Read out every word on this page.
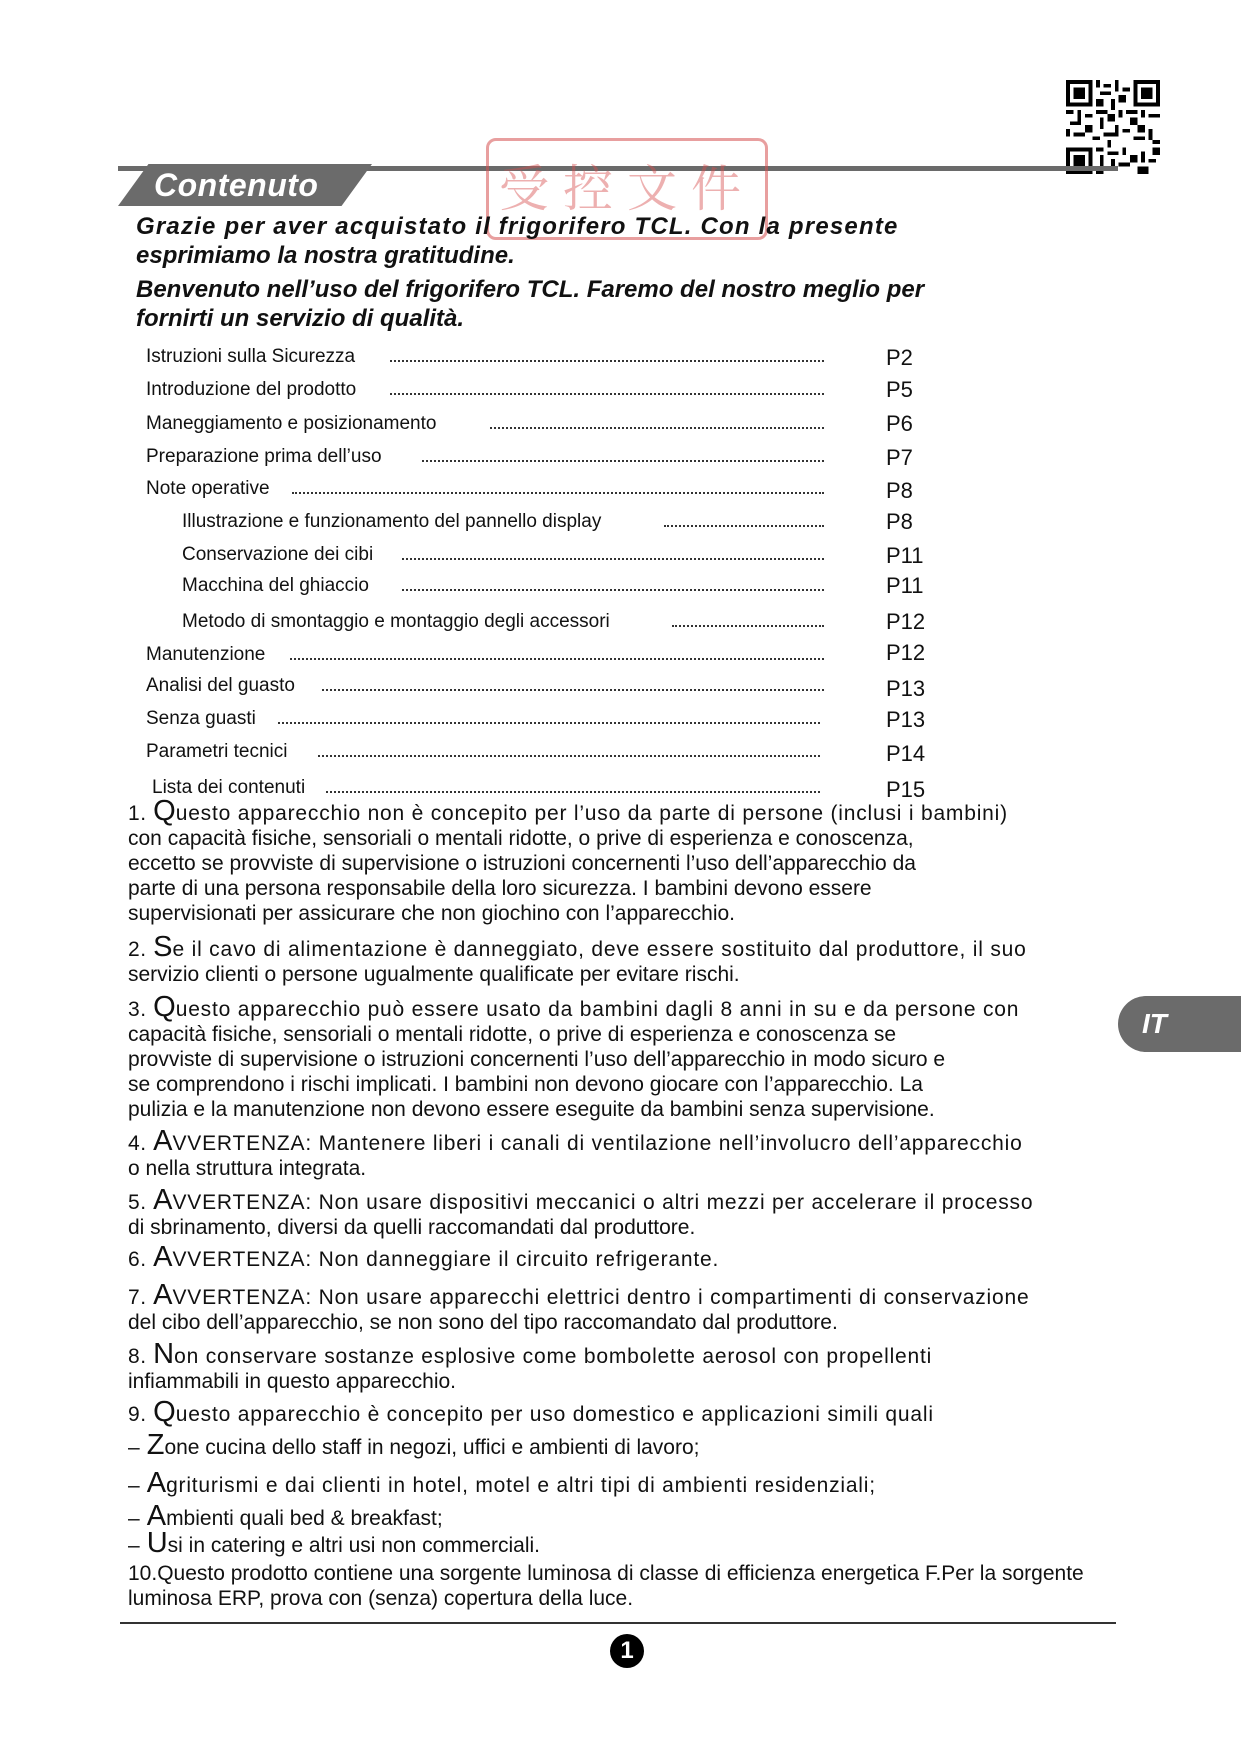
Contenuto	受控文件
Grazie per aver acquistato il frigorifero TCL. Con la presente
esprimiamo la nostra gratitudine.
Benvenuto nell’uso del frigorifero TCL. Faremo del nostro meglio per
fornirti un servizio di qualità.
Istruzioni sulla Sicurezza	P2
Introduzione del prodotto	P5
Maneggiamento e posizionamento	P6
Preparazione prima dell’uso	P7
Note operative	P8
Illustrazione e funzionamento del pannello display	P8
Conservazione dei cibi	P11
Macchina del ghiaccio	P11
Metodo di smontaggio e montaggio degli accessori	P12
Manutenzione	P12
Analisi del guasto	P13
Senza guasti	P13
Parametri tecnici	P14
Lista dei contenuti	P15
1. Questo apparecchio non è concepito per l’uso da parte di persone (inclusi i bambini)
con capacità fisiche, sensoriali o mentali ridotte, o prive di esperienza e conoscenza,
eccetto se provviste di supervisione o istruzioni concernenti l’uso dell’apparecchio da
parte di una persona responsabile della loro sicurezza. I bambini devono essere
supervisionati per assicurare che non giochino con l’apparecchio.
2. Se il cavo di alimentazione è danneggiato, deve essere sostituito dal produttore, il suo
servizio clienti o persone ugualmente qualificate per evitare rischi.
3. Questo apparecchio può essere usato da bambini dagli 8 anni in su e da persone con
capacità fisiche, sensoriali o mentali ridotte, o prive di esperienza e conoscenza se
provviste di supervisione o istruzioni concernenti l’uso dell’apparecchio in modo sicuro e
se comprendono i rischi implicati. I bambini non devono giocare con l’apparecchio. La
pulizia e la manutenzione non devono essere eseguite da bambini senza supervisione.
4. AVVERTENZA: Mantenere liberi i canali di ventilazione nell’involucro dell’apparecchio
o nella struttura integrata.
5. AVVERTENZA: Non usare dispositivi meccanici o altri mezzi per accelerare il processo
di sbrinamento, diversi da quelli raccomandati dal produttore.
6. AVVERTENZA: Non danneggiare il circuito refrigerante.
7. AVVERTENZA: Non usare apparecchi elettrici dentro i compartimenti di conservazione
del cibo dell’apparecchio, se non sono del tipo raccomandato dal produttore.
8. Non conservare sostanze esplosive come bombolette aerosol con propellenti
infiammabili in questo apparecchio.
9. Questo apparecchio è concepito per uso domestico e applicazioni simili quali
– Zone cucina dello staff in negozi, uffici e ambienti di lavoro;
– Agriturismi e dai clienti in hotel, motel e altri tipi di ambienti residenziali;
– Ambienti quali bed & breakfast;
– Usi in catering e altri usi non commerciali.
10.Questo prodotto contiene una sorgente luminosa di classe di efficienza energetica F.Per la sorgente
luminosa ERP, prova con (senza) copertura della luce.
IT
1
